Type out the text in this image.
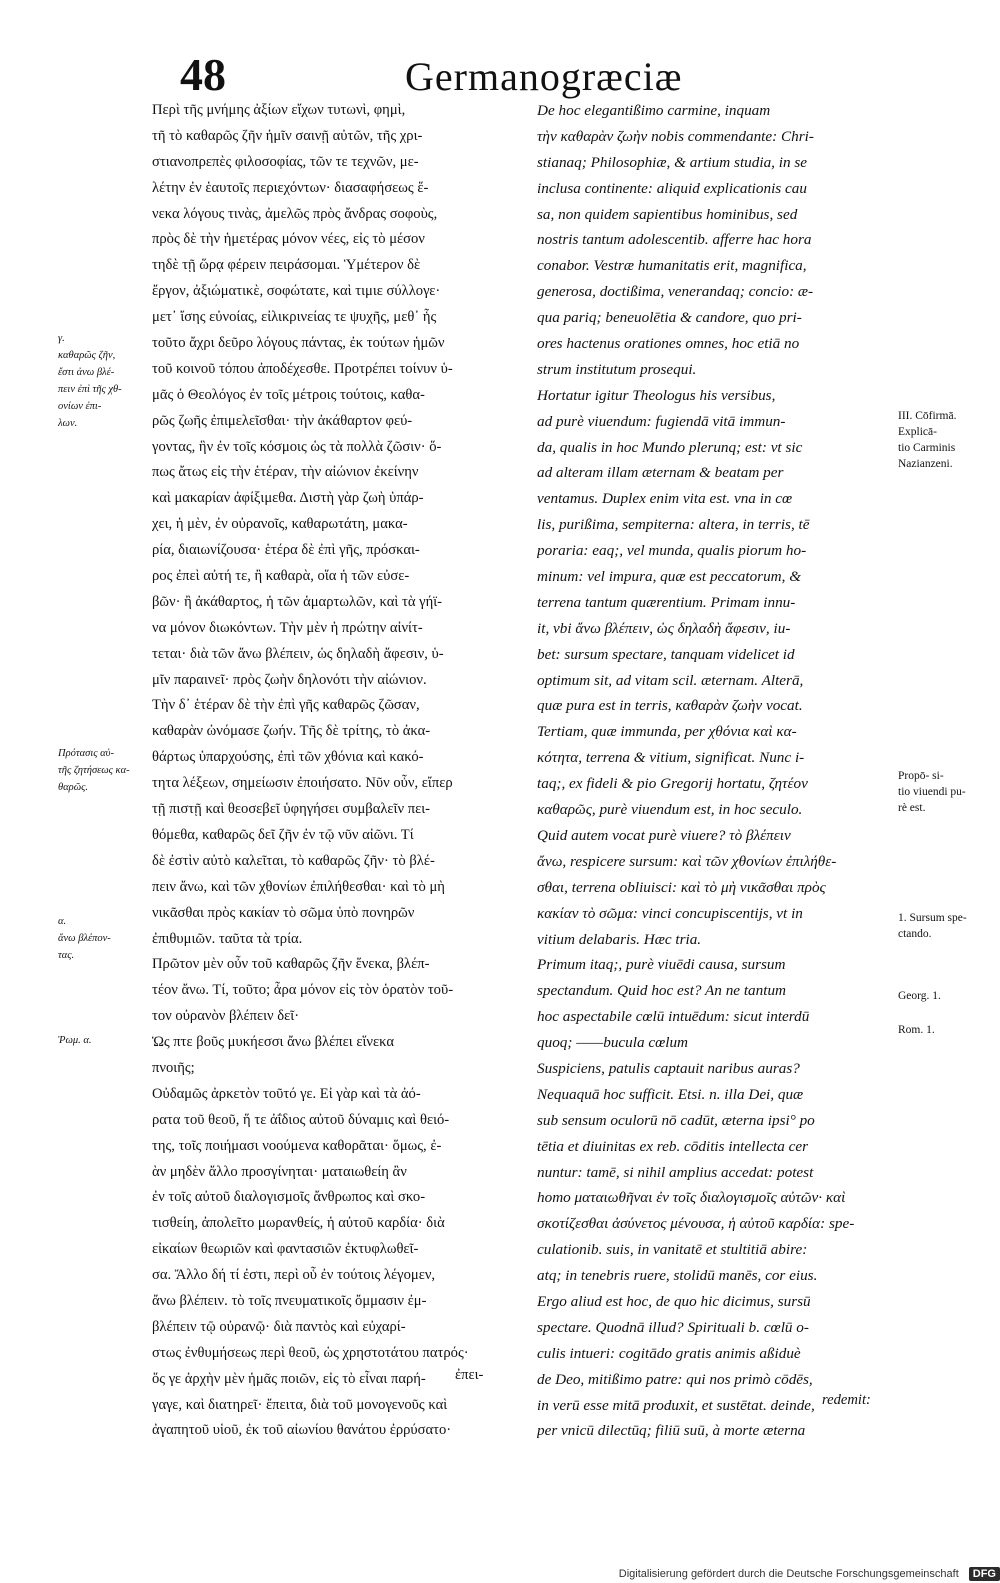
48	Germanogræciæ
Περὶ τῆς μνήμης ἀξίων εἴχων τυτωνὶ, φημὶ,
τῆ τὸ καθαρῶς ζῆν ἡμῖν σαινῇ αὐτῶν, τῆς χρι-
στιανοπρεπὲς φιλοσοφίας, τῶν τε τεχνῶν, με-
λέτην ἐν ἑαυτοῖς περιεχόντων· διασαφήσεως ἕ-
νεκα λόγους τινὰς, ἀμελῶς πρὸς ἄνδρας σοφοὺς,
πρὸς δὲ τὴν ἡμετέρας μόνον νέες, εἰς τὸ μέσον
τηδὲ τῇ ὥρᾳ φέρειν πειράσομαι. Ὑμέτερον δὲ
ἔργον, ἀξιώματικὲ, σοφώτατε, καὶ τιμιε σύλλογε·
μετ᾽ ἴσης εὐνοίας, εἰλικρινείας τε ψυχῆς, μεθ᾽ ἧς
τοῦτο ἄχρι δεῦρο λόγους πάντας, ἐκ τούτων ἡμῶν
τοῦ κοινοῦ τόπου ἀποδέχεσθε. Προτρέπει τοίνυν ὑ-
μᾶς ὁ Θεολόγος ἐν τοῖς μέτροις τούτοις, καθα-
ρῶς ζωῆς ἐπιμελεῖσθαι· τὴν ἀκάθαρτον φεύ-
γοντας, ἣν ἐν τοῖς κόσμοις ὡς τὰ πολλὰ ζῶσιν· ὅ-
πως ἄτως εἰς τὴν ἑτέραν, τὴν αἰώνιον ἐκείνην
καὶ μακαρίαν ἀφίξιμεθα. Διστὴ γὰρ ζωὴ ὑπάρ-
χει, ἡ μὲν, ἐν οὐρανοῖς, καθαρωτάτη, μακα-
ρία, διαιωνίζουσα· ἑτέρα δὲ ἐπὶ γῆς, πρόσκαι-
ρος ἐπεὶ αὐτή τε, ἢ καθαρὰ, οἵα ἡ τῶν εὐσε-
βῶν· ἢ ἀκάθαρτος, ἡ τῶν ἁμαρτωλῶν, καὶ τὰ γήϊ-
να μόνον διωκόντων. Τὴν μὲν ἡ πρώτην αἰνίτ-
τεται· διὰ τῶν ἄνω βλέπειν, ὡς δηλαδὴ ἄφεσιν, ὑ-
μῖν παραινεῖ· πρὸς ζωὴν δηλονότι τὴν αἰώνιον.
Τὴν δ᾽ ἑτέραν δὲ τὴν ἐπὶ γῆς καθαρῶς ζῶσαν,
καθαρὰν ὠνόμασε ζωήν. Τῆς δὲ τρίτης, τὸ ἀκα-
θάρτως ὑπαρχούσης, ἐπὶ τῶν χθόνια καὶ κακό-
τητα λέξεων, σημείωσιν ἐποιήσατο. Νῦν οὖν, εἴπερ
τῇ πιστῇ καὶ θεοσεβεῖ ὑφηγήσει συμβαλεῖν πει-
θόμεθα, καθαρῶς δεῖ ζῆν ἐν τῷ νῦν αἰῶνι. Τί
δὲ ἐστὶν αὐτὸ καλεῖται, τὸ καθαρῶς ζῆν· τὸ βλέ-
πειν ἄνω, καὶ τῶν χθονίων ἐπιλήθεσθαι· καὶ τὸ μὴ
νικᾶσθαι πρὸς κακίαν τὸ σῶμα ὑπὸ πονηρῶν
ἐπιθυμιῶν. ταῦτα τὰ τρία.
Πρῶτον μὲν οὖν τοῦ καθαρῶς ζῆν ἕνεκα, βλέπ-
τέον ἄνω. Τί, τοῦτο; ἆρα μόνον εἰς τὸν ὁρατὸν τοῦ-
τον οὐρανὸν βλέπειν δεῖ·
Ὡς πτε βοῦς μυκήεσσι ἄνω βλέπει εἵνεκα
πνοιῆς;
Οὐδαμῶς ἀρκετὸν τοῦτό γε. Εἰ γὰρ καὶ τὰ ἀό-
ρατα τοῦ θεοῦ, ἥ τε ἀΐδιος αὐτοῦ δύναμις καὶ θειό-
της, τοῖς ποιήμασι νοούμενα καθορᾶται· ὅμως, ἐ-
ὰν μηδὲν ἄλλο προσγίνηται· ματαιωθείη ἂν
ἐν τοῖς αὐτοῦ διαλογισμοῖς ἄνθρωπος καὶ σκο-
τισθείη, ἀπολεῖτο μωρανθείς, ἡ αὐτοῦ καρδία· διὰ
εἰκαίων θεωριῶν καὶ φαντασιῶν ἐκτυφλωθεῖ-
σα. Ἄλλο δή τί ἐστι, περὶ οὗ ἐν τούτοις λέγομεν,
ἄνω βλέπειν. τὸ τοῖς πνευματικοῖς ὄμμασιν ἐμ-
βλέπειν τῷ οὐρανῷ· διὰ παντὸς καὶ εὐχαρί-
στως ἐνθυμήσεως περὶ θεοῦ, ὡς χρηστοτάτου πατρός·
ὅς γε ἀρχὴν μὲν ἡμᾶς ποιῶν, εἰς τὸ εἶναι παρή-
γαγε, καὶ διατηρεῖ· ἔπειτα, διὰ τοῦ μονογενοῦς καὶ
ἀγαπητοῦ υἱοῦ, ἐκ τοῦ αἰωνίου θανάτου ἐρρύσατο·
De hoc elegantißimo carmine, inquam
τὴν καθαρὰν ζωὴν nobis commendante: Chri-
stianaq; Philosophiæ, & artium studia, in se
inclusa continente: aliquid explicationis cau
sa, non quidem sapientibus hominibus, sed
nostris tantum adolescentib. afferre hac hora
conabor. Vestræ humanitatis erit, magnifica,
generosa, doctißima, venerandaq; concio: æ-
qua pariq; beneuolētia & candore, quo pri-
ores hactenus orationes omnes, hoc etiā no
strum institutum prosequi.
Hortatur igitur Theologus his versibus,
ad purè viuendum: fugiendā vitā immun-
da, qualis in hoc Mundo plerunq; est: vt sic
ad alteram illam æternam & beatam per
ventamus. Duplex enim vita est. vna in cœ
lis, purißima, sempiterna: altera, in terris, tē
poraria: eaq;, vel munda, qualis piorum ho-
minum: vel impura, quæ est peccatorum, &
terrena tantum quærentium. Primam innu-
it, vbi ἄνω βλέπειν, ὡς δηλαδὴ ἄφεσιν, iu-
bet: sursum spectare, tanquam videlicet id
optimum sit, ad vitam scil. æternam. Alterā,
quæ pura est in terris, καθαρὰν ζωὴν vocat.
Tertiam, quæ immunda, per χθόνια καὶ κα-
κότητα, terrena & vitium, significat. Nunc i-
taq;, ex fideli & pio Gregorij hortatu, ζητέον
καθαρῶς, purè viuendum est, in hoc seculo.
Quid autem vocat purè viuere? τὸ βλέπειν
ἄνω, respicere sursum: καὶ τῶν χθονίων ἐπιλήθε-
σθαι, terrena obliuisci: καὶ τὸ μὴ νικᾶσθαι πρὸς
κακίαν τὸ σῶμα: vinci concupiscentijs, vt in
vitium delabaris. Hæc tria.
Primum itaq;, purè viuēdi causa, sursum
spectandum. Quid hoc est? An ne tantum
hoc aspectabile cœlū intuēdum: sicut interdū
quoq; ——bucula cœlum
Suspiciens, patulis captauit naribus auras?
Nequaquā hoc sufficit. Etsi. n. illa Dei, quæ
sub sensum oculorū nō cadūt, æterna ipsi° po
tētia et diuinitas ex reb. cōditis intellecta cer
nuntur: tamē, si nihil amplius accedat: potest
homo ματαιωθῆναι ἐν τοῖς διαλογισμοῖς αὐτῶν· καὶ
σκοτίζεσθαι ἀσύνετος μένουσα, ἡ αὐτοῦ καρδία: spe-
culationib. suis, in vanitatē et stultitiā abire:
atq; in tenebris ruere, stolidū manēs, cor eius.
Ergo aliud est hoc, de quo hic dicimus, sursū
spectare. Quodnā illud? Spirituali b. cœlū o-
culis intueri: cogitādo gratis animis aßiduè
de Deo, mitißimo patre: qui nos primò cōdēs,
in verū esse mitā produxit, et sustētat. deinde,
per vnicū dilectūq; filiū suū, à morte æterna
ἐπει-
redemit:
γ.
καθαρῶς ζῆν,
ἔστι ἀνω βλέ-
πειν ἐπὶ τῆς χθ-
ονίων ἐπι-
λων.
Πρότασις αὐ-
τῆς ζητήσεως κα-
θαρῶς.
α.
ἄνω βλέπον-
τας.
Ῥωμ. α.
III. Cōfirmā.
Explicā-
tio Carminis
Nazianzeni.
Propō- si-
tio viuendi pu-
rè est.
1. Sursum spe-
ctando.
Georg. 1.
Rom. 1.
Digitalisierung gefördert durch die Deutsche Forschungsgemeinschaft	DFG
